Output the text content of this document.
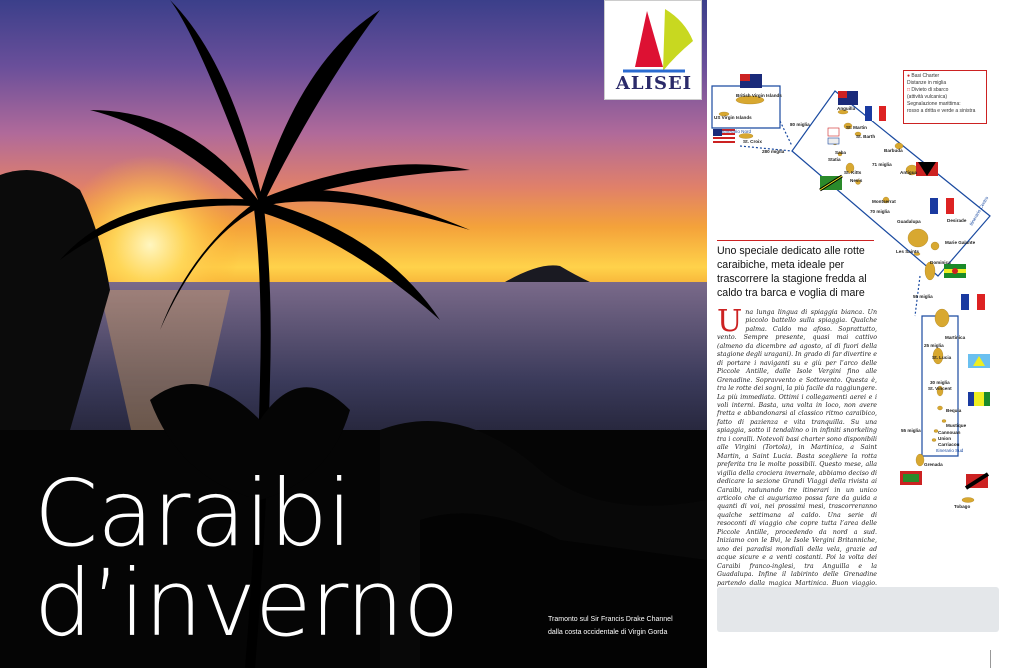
Caraibi
d’inverno	Tramonto sul Sir Francis Drake Channel
dalla costa occidentale di Virgin Gorda
ALISEI
British Virgin Islands
US Virgin Islands
Itinerario Nord
St. Croix
80 miglia
280 miglia
Anguilla
St. Martin
St. Barth
Saba
Statia
St. Kitts
Nevis
Barbuda
71 miglia
Antigua
Montserrat
70 miglia
Guadalupa	Desirade
Marie Galante
Les Saints
Dominica
Itinerario Centro
55 miglia
Martinica
25 miglia
St. Lucia
30 miglia
St. Vincent
Bequia
Mustique
Cannouan
Union
Carriacou
55 miglia
Itinerario Sud
Grenada
Tobago
● Basi Charter
Distanze in miglia
□ Divieto di sbarco
(attività vulcanica)
Segnalazione marittima:
rosso a dritta e verde a sinistra
Uno speciale dedicato alle rotte
caraibiche, meta ideale per
trascorrere la stagione fredda al
caldo tra barca e voglia di mare
Una lunga lingua di spiaggia bianca. Un piccolo battello sulla spiaggia. Qualche palma. Caldo ma afoso. Soprattutto, vento. Sempre presente, quasi mai cattivo (almeno da dicembre ad agosto, al di fuori della stagione degli uragani). In grado di far divertire e di portare i naviganti su e giù per l’arco delle Piccole Antille, dalle Isole Vergini fino alle Grenadine. Sopravvento e Sottovento. Questa è, tra le rotte dei sogni, la più facile da raggiungere. La più immediata. Ottimi i collegamenti aerei e i voli interni. Basta, una volta in loco, non avere fretta e abbandonarsi al classico ritmo caraibico, fatto di pazienza e vita tranquilla. Su una spiaggia, sotto il tendalino o in infiniti snorkeling tra i coralli. Notevoli basi charter sono disponibili alle Virgini (Tortola), in Martinica, a Saint Martin, a Saint Lucia. Basta scegliere la rotta preferita tra le molte possibili. Questo mese, alla vigilia della crociera invernale, abbiamo deciso di dedicare la sezione Grandi Viaggi della rivista ai Caraibi, radunando tre itinerari in un unico articolo che ci auguriamo possa fare da guida a quanti di voi, nei prossimi mesi, trascorreranno qualche settimana al caldo. Una serie di resoconti di viaggio che copre tutta l’area delle Piccole Antille, procedendo da nord a sud. Iniziamo con le Bvi, le Isole Vergini Britanniche, uno dei paradisi mondiali della vela, grazie ad acque sicure e a venti costanti. Poi la volta dei Caraibi franco-inglesi, tra Anguilla e la Guadalupa. Infine il labirinto delle Grenadine partendo dalla magica Martinica. Buon viaggio.
